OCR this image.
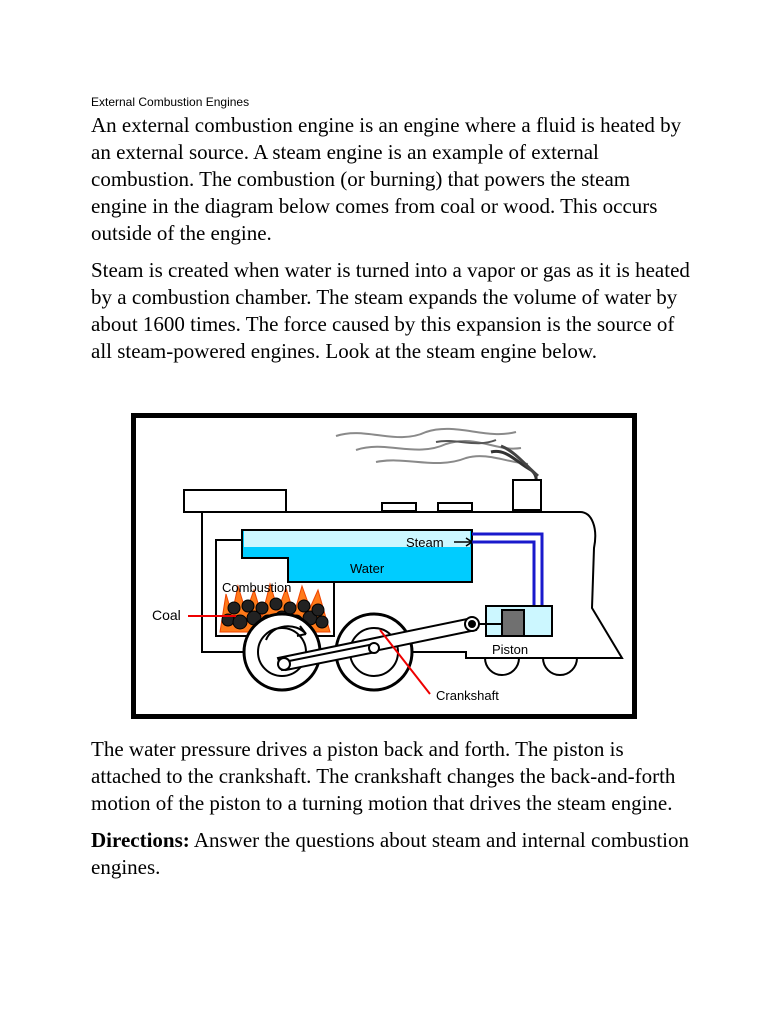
External Combustion Engines

An external combustion engine is an engine where a fluid is heated by an external source. A steam engine is an example of external combustion. The combustion (or burning) that powers the steam engine in the diagram below comes from coal or wood. This occurs outside of the engine.

Steam is created when water is turned into a vapor or gas as it is heated by a combustion chamber. The steam expands the volume of water by about 1600 times. The force caused by this expansion is the source of all steam-powered engines. Look at the steam engine below.

Steam
Water
Combustion
Coal
Piston
Crankshaft

The water pressure drives a piston back and forth. The piston is attached to the crankshaft. The crankshaft changes the back-and-forth motion of the piston to a turning motion that drives the steam engine.

Directions: Answer the questions about steam and internal combustion engines.
